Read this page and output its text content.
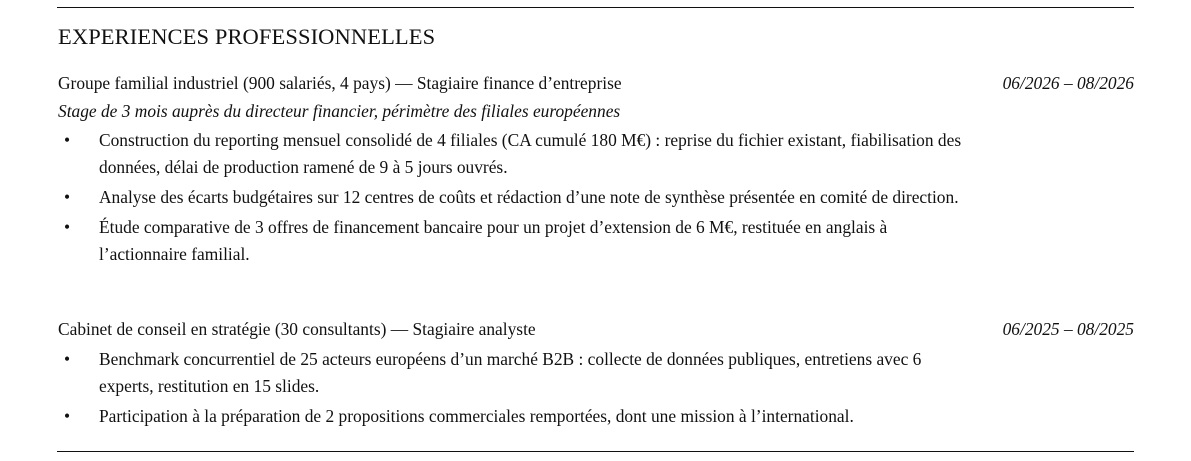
EXPERIENCES PROFESSIONNELLES
Groupe familial industriel (900 salariés, 4 pays) — Stagiaire finance d’entreprise	06/2026 – 08/2026
Stage de 3 mois auprès du directeur financier, périmètre des filiales européennes
• Construction du reporting mensuel consolidé de 4 filiales (CA cumulé 180 M€) : reprise du fichier existant, fiabilisation des données, délai de production ramené de 9 à 5 jours ouvrés.
• Analyse des écarts budgétaires sur 12 centres de coûts et rédaction d’une note de synthèse présentée en comité de direction.
• Étude comparative de 3 offres de financement bancaire pour un projet d’extension de 6 M€, restituée en anglais à l’actionnaire familial.
Cabinet de conseil en stratégie (30 consultants) — Stagiaire analyste	06/2025 – 08/2025
• Benchmark concurrentiel de 25 acteurs européens d’un marché B2B : collecte de données publiques, entretiens avec 6 experts, restitution en 15 slides.
• Participation à la préparation de 2 propositions commerciales remportées, dont une mission à l’international.
